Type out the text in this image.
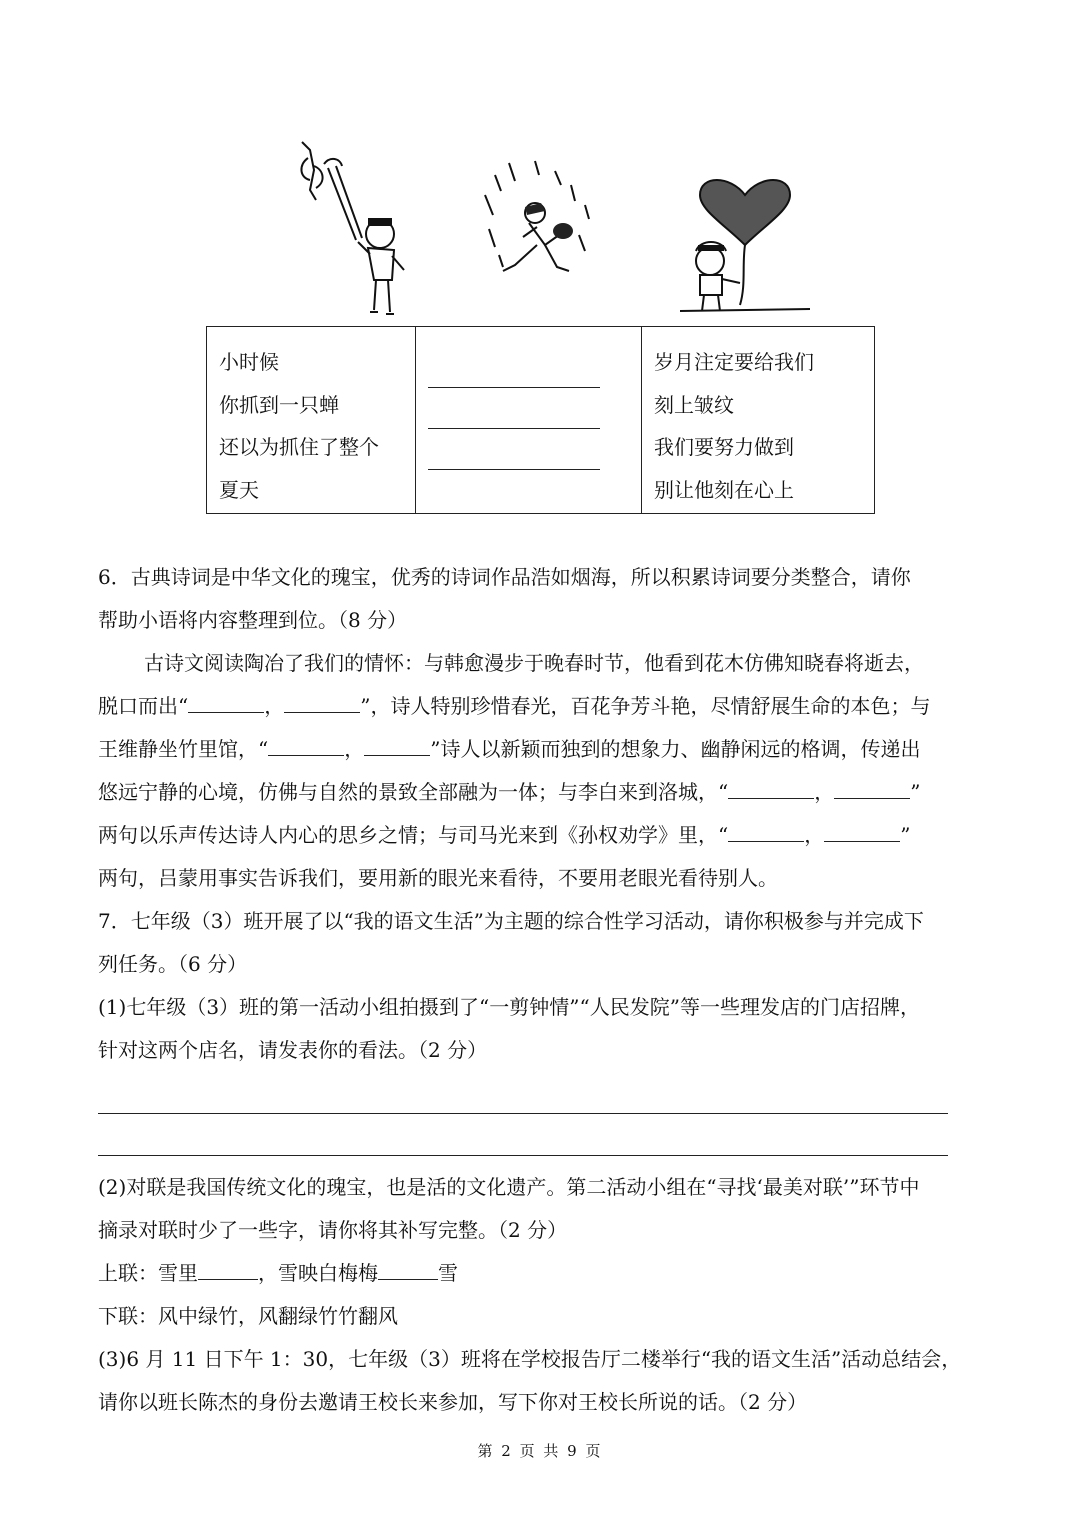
小时候
你抓到一只蝉
还以为抓住了整个
夏天

岁月注定要给我们
刻上皱纹
我们要努力做到
别让他刻在心上

6．古典诗词是中华文化的瑰宝，优秀的诗词作品浩如烟海，所以积累诗词要分类整合，请你

帮助小语将内容整理到位。（8 分）

古诗文阅读陶冶了我们的情怀：与韩愈漫步于晚春时节，他看到花木仿佛知晓春将逝去，

脱口而出“	，	”，诗人特别珍惜春光，百花争芳斗艳，尽情舒展生命的本色；与

王维静坐竹里馆，“	，	”诗人以新颖而独到的想象力、幽静闲远的格调，传递出

悠远宁静的心境，仿佛与自然的景致全部融为一体；与李白来到洛城，“	，	”

两句以乐声传达诗人内心的思乡之情；与司马光来到《孙权劝学》里，“	，	”

两句，吕蒙用事实告诉我们，要用新的眼光来看待，不要用老眼光看待别人。

7．七年级（3）班开展了以“我的语文生活”为主题的综合性学习活动，请你积极参与并完成下

列任务。（6 分）

(1)七年级（3）班的第一活动小组拍摄到了“一剪钟情”“人民发院”等一些理发店的门店招牌，

针对这两个店名，请发表你的看法。（2 分）

(2)对联是我国传统文化的瑰宝，也是活的文化遗产。第二活动小组在“寻找‘最美对联’”环节中

摘录对联时少了一些字，请你将其补写完整。（2 分）

上联：雪里	，雪映白梅梅	雪

下联：风中绿竹，风翻绿竹竹翻风

(3)6 月 11 日下午 1：30，七年级（3）班将在学校报告厅二楼举行“我的语文生活”活动总结会，

请你以班长陈杰的身份去邀请王校长来参加，写下你对王校长所说的话。（2 分）

第 2 页 共 9 页
